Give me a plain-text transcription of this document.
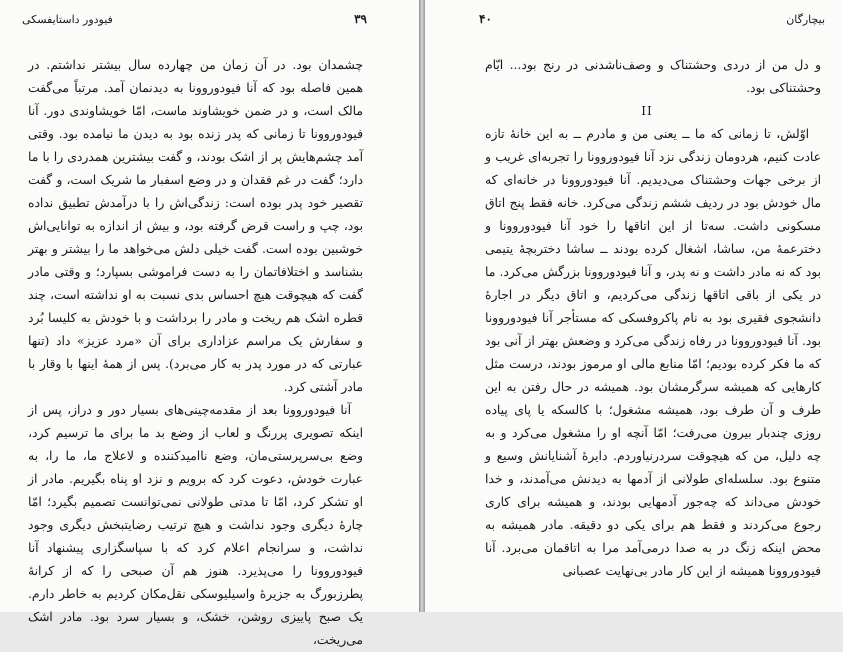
۳۹
فیودور داستایفسکی

چشمدان بود. در آن زمان من چهارده سال بیشتر نداشتم. در همین فاصله بود که آنا فیودوروونا به دیدنمان آمد. مرتباً می‌گفت مالک است، و در ضمن خویشاوند ماست، امّا خویشاوندی دور. آنا فیودوروونا تا زمانی که پدر زنده بود به دیدن ما نیامده بود. وقتی آمد چشم‌هایش پر از اشک بودند، و گفت بیشترین همدردی را با ما دارد؛ گفت در غم فقدان و در وضع اسفبار ما شریک است، و گفت تقصیر خود پدر بوده است: زندگی‌اش را با درآمدش تطبیق نداده بود، چپ و راست قرض گرفته بود، و بیش از اندازه به توانایی‌اش خوشبین بوده است. گفت خیلی دلش می‌خواهد ما را بیشتر و بهتر بشناسد و اختلافاتمان را به دست فراموشی بسپارد؛ و وقتی مادر گفت که هیچوقت هیچ احساس بدی نسبت به او نداشته است، چند قطره اشک هم ریخت و مادر را برداشت و با خودش به کلیسا بُرد و سفارش یک مراسم عزاداری برای آن «مرد عزیز» داد (تنها عبارتی که در مورد پدر به کار می‌برد). پس از همهٔ اینها با وقار با مادر آشتی کرد.

آنا فیودوروونا بعد از مقدمه‌چینی‌های بسیار دور و دراز، پس از اینکه تصویری پررنگ و لعاب از وضع بد ما برای ما ترسیم کرد، وضع بی‌سرپرستی‌مان، وضع ناامیدکننده و لاعلاج ما، ما را، به عبارت خودش، دعوت کرد که برویم و نزد او پناه بگیریم. مادر از او تشکر کرد، امّا تا مدتی طولانی نمی‌توانست تصمیم بگیرد؛ امّا چارهٔ دیگری وجود نداشت و هیچ ترتیب رضایتبخش دیگری وجود نداشت، و سرانجام اعلام کرد که با سپاسگزاری پیشنهاد آنا فیودوروونا را می‌پذیرد. هنوز هم آن صبحی را که از کرانهٔ پطرزبورگ به جزیرهٔ واسیلیوسکی نقل‌مکان کردیم به خاطر دارم. یک صبح پاییزی روشن، خشک، و بسیار سرد بود. مادر اشک می‌ریخت،

بیچارگان
۴۰

و دل من از دردی وحشتناک و وصف‌ناشدنی در رنج بود... ایّام وحشتناکی بود.

II

اوّلش، تا زمانی که ما ــ یعنی من و مادرم ــ به این خانهٔ تازه عادت کنیم، هردومان زندگی نزد آنا فیودوروونا را تجربه‌ای غریب و از برخی جهات وحشتناک می‌دیدیم. آنا فیودوروونا در خانه‌ای که مال خودش بود در ردیف ششم زندگی می‌کرد. خانه فقط پنج اتاق مسکونی داشت. سه‌تا از این اتاقها را خود آنا فیودوروونا و دخترعمهٔ من، ساشا، اشغال کرده بودند ــ ساشا دختربچهٔ یتیمی بود که نه مادر داشت و نه پدر، و آنا فیودوروونا بزرگش می‌کرد. ما در یکی از باقی اتاقها زندگی می‌کردیم، و اتاق دیگر در اجارهٔ دانشجوی فقیری بود به نام پاکروفسکی که مستأجر آنا فیودوروونا بود. آنا فیودوروونا در رفاه زندگی می‌کرد و وضعش بهتر از آنی بود که ما فکر کرده بودیم؛ امّا منابع مالی او مرموز بودند، درست مثل کارهایی که همیشه سرگرمشان بود. همیشه در حال رفتن به این طرف و آن طرف بود، همیشه مشغول؛ با کالسکه یا پای پیاده روزی چندبار بیرون می‌رفت؛ امّا آنچه او را مشغول می‌کرد و به چه دلیل، من که هیچوقت سردرنیاوردم. دایرهٔ آشنایانش وسیع و متنوع بود. سلسله‌ای طولانی از آدمها به دیدنش می‌آمدند، و خدا خودش می‌داند که چه‌جور آدمهایی بودند، و همیشه برای کاری رجوع می‌کردند و فقط هم برای یکی دو دقیقه. مادر همیشه به محض اینکه زنگ در به صدا درمی‌آمد مرا به اتاقمان می‌برد. آنا فیودوروونا همیشه از این کار مادر بی‌نهایت عصبانی
